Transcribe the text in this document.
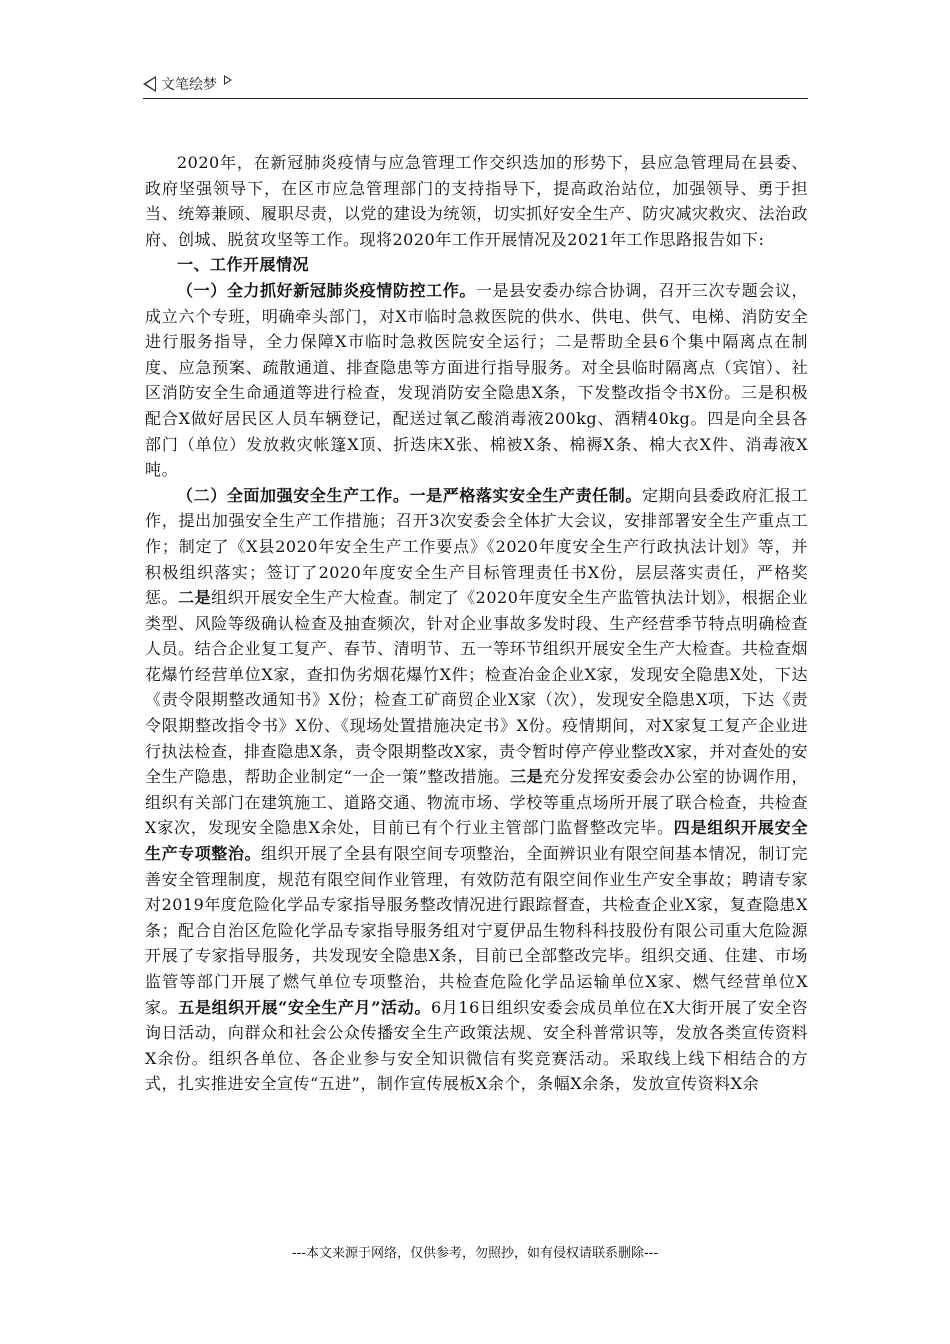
文笔绘梦

2020年，在新冠肺炎疫情与应急管理工作交织迭加的形势下，县应急管理局在县委、政府坚强领导下，在区市应急管理部门的支持指导下，提高政治站位，加强领导、勇于担当、统筹兼顾、履职尽责，以党的建设为统领，切实抓好安全生产、防灾减灾救灾、法治政府、创城、脱贫攻坚等工作。现将2020年工作开展情况及2021年工作思路报告如下:

一、工作开展情况

（一）全力抓好新冠肺炎疫情防控工作。一是县安委办综合协调，召开三次专题会议，成立六个专班，明确牵头部门，对X市临时急救医院的供水、供电、供气、电梯、消防安全进行服务指导，全力保障X市临时急救医院安全运行；二是帮助全县6个集中隔离点在制度、应急预案、疏散通道、排查隐患等方面进行指导服务。对全县临时隔离点（宾馆）、社区消防安全生命通道等进行检查，发现消防安全隐患X条，下发整改指令书X份。三是积极配合X做好居民区人员车辆登记，配送过氧乙酸消毒液200kg、酒精40kg。四是向全县各部门（单位）发放救灾帐篷X顶、折迭床X张、棉被X条、棉褥X条、棉大衣X件、消毒液X吨。

（二）全面加强安全生产工作。一是严格落实安全生产责任制。定期向县委政府汇报工作，提出加强安全生产工作措施；召开3次安委会全体扩大会议，安排部署安全生产重点工作；制定了《X县2020年安全生产工作要点》《2020年度安全生产行政执法计划》等，并积极组织落实；签订了2020年度安全生产目标管理责任书X份，层层落实责任，严格奖惩。二是组织开展安全生产大检查。制定了《2020年度安全生产监管执法计划》，根据企业类型、风险等级确认检查及抽查频次，针对企业事故多发时段、生产经营季节特点明确检查人员。结合企业复工复产、春节、清明节、五一等环节组织开展安全生产大检查。共检查烟花爆竹经营单位X家，查扣伪劣烟花爆竹X件；检查冶金企业X家，发现安全隐患X处，下达《责令限期整改通知书》X份；检查工矿商贸企业X家（次），发现安全隐患X项，下达《责令限期整改指令书》X份、《现场处置措施决定书》X份。疫情期间，对X家复工复产企业进行执法检查，排查隐患X条，责令限期整改X家，责令暂时停产停业整改X家，并对查处的安全生产隐患，帮助企业制定“一企一策”整改措施。三是充分发挥安委会办公室的协调作用，组织有关部门在建筑施工、道路交通、物流市场、学校等重点场所开展了联合检查，共检查X家次，发现安全隐患X余处，目前已有个行业主管部门监督整改完毕。四是组织开展安全生产专项整治。组织开展了全县有限空间专项整治，全面辨识业有限空间基本情况，制订完善安全管理制度，规范有限空间作业管理，有效防范有限空间作业生产安全事故；聘请专家对2019年度危险化学品专家指导服务整改情况进行跟踪督查，共检查企业X家，复查隐患X条；配合自治区危险化学品专家指导服务组对宁夏伊品生物科科技股份有限公司重大危险源开展了专家指导服务，共发现安全隐患X条，目前已全部整改完毕。组织交通、住建、市场监管等部门开展了燃气单位专项整治，共检查危险化学品运输单位X家、燃气经营单位X家。五是组织开展“安全生产月”活动。6月16日组织安委会成员单位在X大街开展了安全咨询日活动，向群众和社会公众传播安全生产政策法规、安全科普常识等，发放各类宣传资料X余份。组织各单位、各企业参与安全知识微信有奖竞赛活动。采取线上线下相结合的方式，扎实推进安全宣传“五进”，制作宣传展板X余个，条幅X余条，发放宣传资料X余

---本文来源于网络，仅供参考，勿照抄，如有侵权请联系删除---
